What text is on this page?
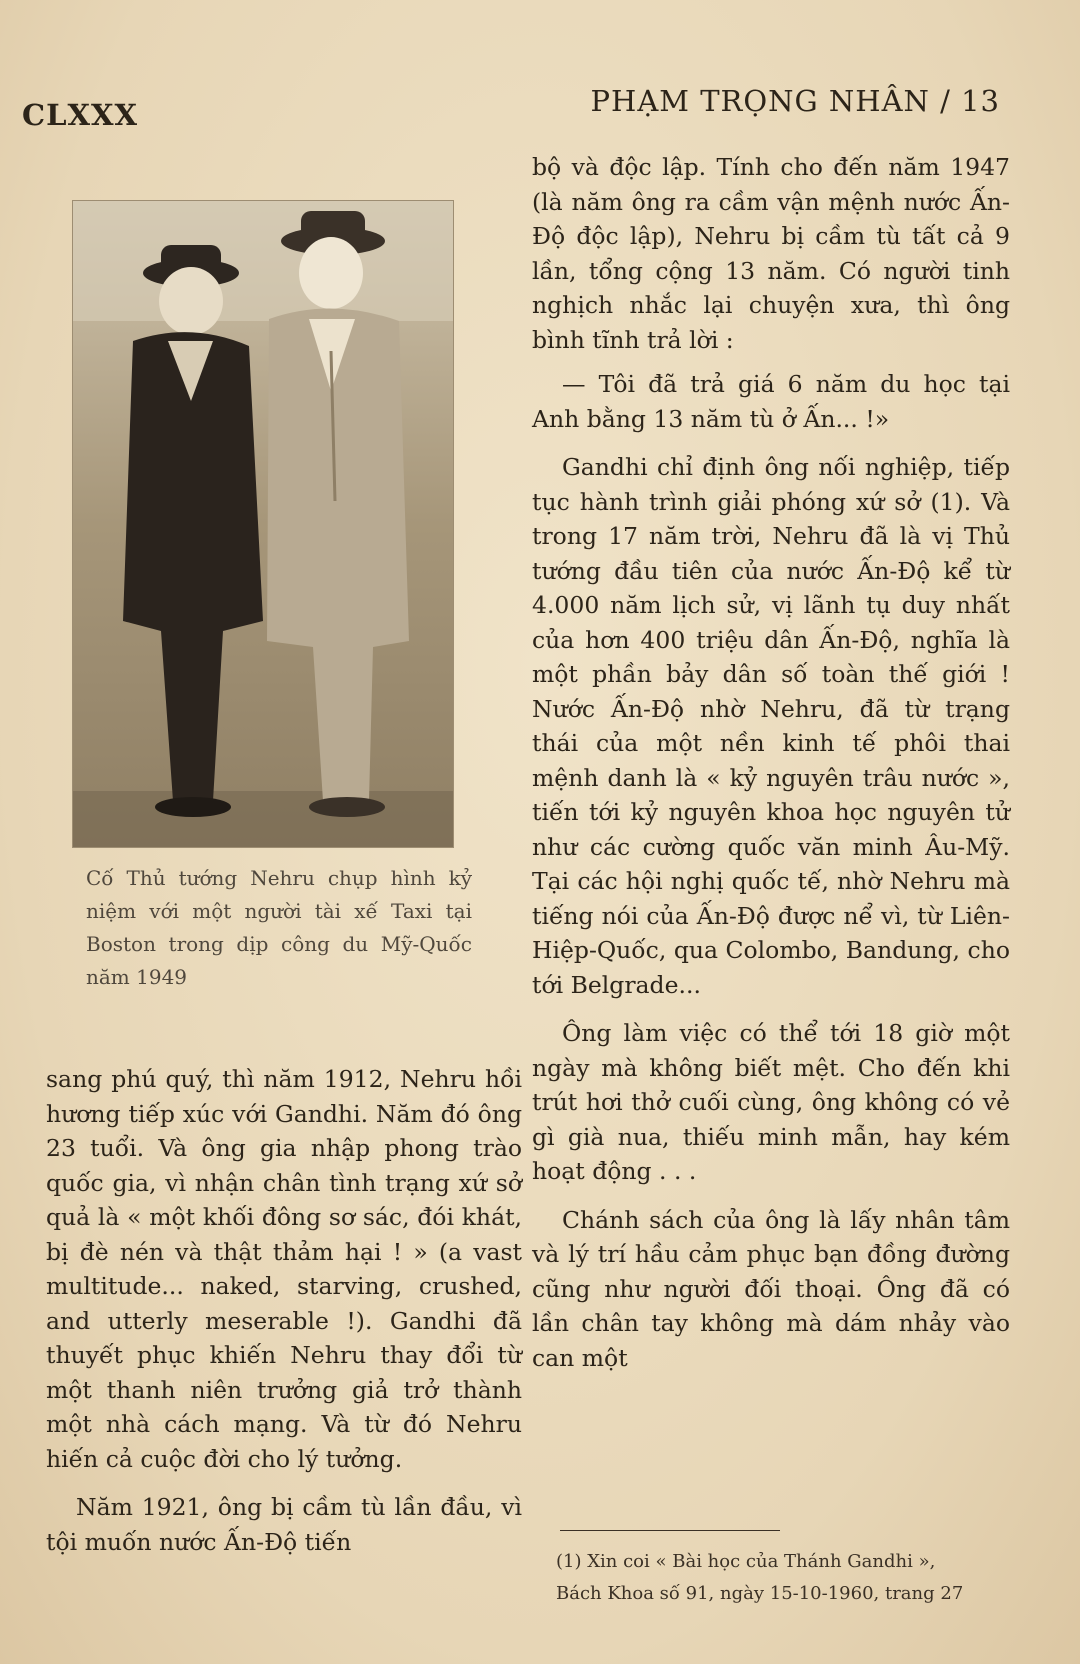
CLXXX	PHẠM TRỌNG NHÂN / 13
Cố Thủ tướng Nehru chụp hình kỷ niệm với một người tài xế Taxi tại Boston trong dịp công du Mỹ-Quốc năm 1949

sang phú quý, thì năm 1912, Nehru hồi hương tiếp xúc với Gandhi. Năm đó ông 23 tuổi. Và ông gia nhập phong trào quốc gia, vì nhận chân tình trạng xứ sở quả là « một khối đông sơ sác, đói khát, bị đè nén và thật thảm hại ! » (a vast multitude... naked, starving, crushed, and utterly meserable !). Gandhi đã thuyết phục khiến Nehru thay đổi từ một thanh niên trưởng giả trở thành một nhà cách mạng. Và từ đó Nehru hiến cả cuộc đời cho lý tưởng.

Năm 1921, ông bị cầm tù lần đầu, vì tội muốn nước Ấn-Độ tiến

bộ và độc lập. Tính cho đến năm 1947 (là năm ông ra cầm vận mệnh nước Ấn-Độ độc lập), Nehru bị cầm tù tất cả 9 lần, tổng cộng 13 năm. Có người tinh nghịch nhắc lại chuyện xưa, thì ông bình tĩnh trả lời :

— Tôi đã trả giá 6 năm du học tại Anh bằng 13 năm tù ở Ấn... !»

Gandhi chỉ định ông nối nghiệp, tiếp tục hành trình giải phóng xứ sở (1). Và trong 17 năm trời, Nehru đã là vị Thủ tướng đầu tiên của nước Ấn-Độ kể từ 4.000 năm lịch sử, vị lãnh tụ duy nhất của hơn 400 triệu dân Ấn-Độ, nghĩa là một phần bảy dân số toàn thế giới ! Nước Ấn-Độ nhờ Nehru, đã từ trạng thái của một nền kinh tế phôi thai mệnh danh là « kỷ nguyên trâu nước », tiến tới kỷ nguyên khoa học nguyên tử như các cường quốc văn minh Âu-Mỹ. Tại các hội nghị quốc tế, nhờ Nehru mà tiếng nói của Ấn-Độ được nể vì, từ Liên-Hiệp-Quốc, qua Colombo, Bandung, cho tới Belgrade...

Ông làm việc có thể tới 18 giờ một ngày mà không biết mệt. Cho đến khi trút hơi thở cuối cùng, ông không có vẻ gì già nua, thiếu minh mẫn, hay kém hoạt động . . .

Chánh sách của ông là lấy nhân tâm và lý trí hầu cảm phục bạn đồng đường cũng như người đối thoại. Ông đã có lần chân tay không mà dám nhảy vào can một

(1) Xin coi « Bài học của Thánh Gandhi »,

Bách Khoa số 91, ngày 15-10-1960, trang 27
